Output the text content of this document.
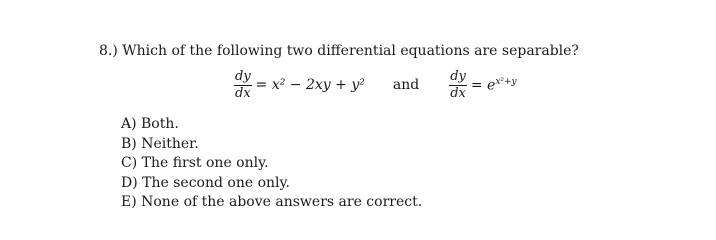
8.) Which of the following two differential equations are separable?
$\frac{dy}{dx} = x^2 - 2xy + y^2$ and $\frac{dy}{dx} = e^{x^2+y}$
A) Both.
B) Neither.
C) The first one only.
D) The second one only.
E) None of the above answers are correct.
